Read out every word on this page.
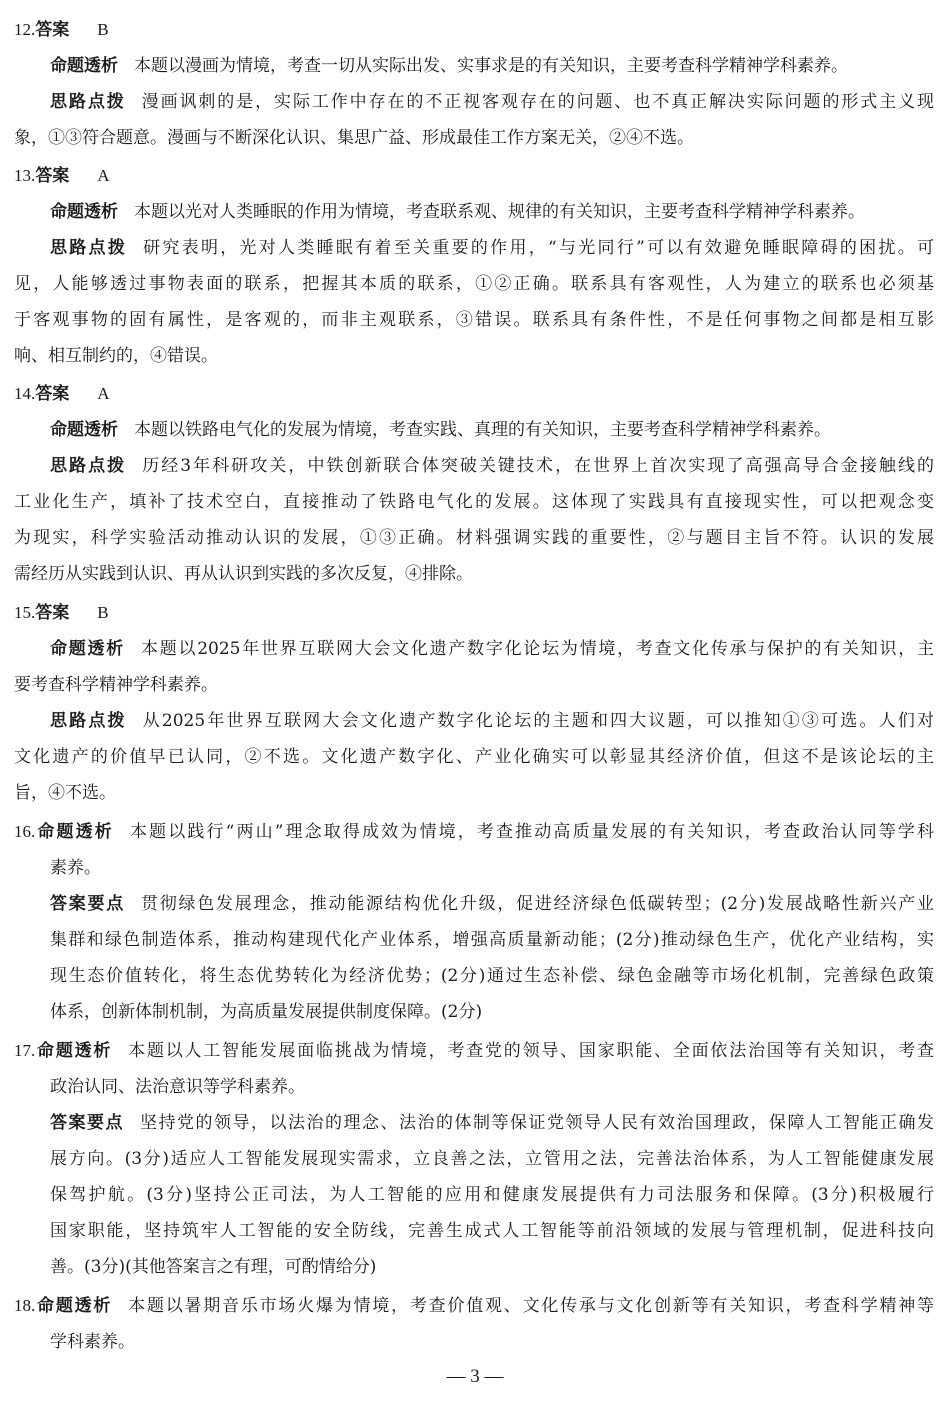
12.答案 B
命题透析 本题以漫画为情境，考查一切从实际出发、实事求是的有关知识，主要考查科学精神学科素养。
思路点拨 漫画讽刺的是，实际工作中存在的不正视客观存在的问题、也不真正解决实际问题的形式主义现
象，①③符合题意。漫画与不断深化认识、集思广益、形成最佳工作方案无关，②④不选。
13.答案 A
命题透析 本题以光对人类睡眠的作用为情境，考查联系观、规律的有关知识，主要考查科学精神学科素养。
思路点拨 研究表明，光对人类睡眠有着至关重要的作用，“与光同行”可以有效避免睡眠障碍的困扰。可
见，人能够透过事物表面的联系，把握其本质的联系，①②正确。联系具有客观性，人为建立的联系也必须基
于客观事物的固有属性，是客观的，而非主观联系，③错误。联系具有条件性，不是任何事物之间都是相互影
响、相互制约的，④错误。
14.答案 A
命题透析 本题以铁路电气化的发展为情境，考查实践、真理的有关知识，主要考查科学精神学科素养。
思路点拨 历经3年科研攻关，中铁创新联合体突破关键技术，在世界上首次实现了高强高导合金接触线的
工业化生产，填补了技术空白，直接推动了铁路电气化的发展。这体现了实践具有直接现实性，可以把观念变
为现实，科学实验活动推动认识的发展，①③正确。材料强调实践的重要性，②与题目主旨不符。认识的发展
需经历从实践到认识、再从认识到实践的多次反复，④排除。
15.答案 B
命题透析 本题以2025年世界互联网大会文化遗产数字化论坛为情境，考查文化传承与保护的有关知识，主
要考查科学精神学科素养。
思路点拨 从2025年世界互联网大会文化遗产数字化论坛的主题和四大议题，可以推知①③可选。人们对
文化遗产的价值早已认同，②不选。文化遗产数字化、产业化确实可以彰显其经济价值，但这不是该论坛的主
旨，④不选。
16.命题透析 本题以践行“两山”理念取得成效为情境，考查推动高质量发展的有关知识，考查政治认同等学科
素养。
答案要点 贯彻绿色发展理念，推动能源结构优化升级，促进经济绿色低碳转型；(2分)发展战略性新兴产业
集群和绿色制造体系，推动构建现代化产业体系，增强高质量新动能；(2分)推动绿色生产，优化产业结构，实
现生态价值转化，将生态优势转化为经济优势；(2分)通过生态补偿、绿色金融等市场化机制，完善绿色政策
体系，创新体制机制，为高质量发展提供制度保障。(2分)
17.命题透析 本题以人工智能发展面临挑战为情境，考查党的领导、国家职能、全面依法治国等有关知识，考查
政治认同、法治意识等学科素养。
答案要点 坚持党的领导，以法治的理念、法治的体制等保证党领导人民有效治国理政，保障人工智能正确发
展方向。(3分)适应人工智能发展现实需求，立良善之法，立管用之法，完善法治体系，为人工智能健康发展
保驾护航。(3分)坚持公正司法，为人工智能的应用和健康发展提供有力司法服务和保障。(3分)积极履行
国家职能，坚持筑牢人工智能的安全防线，完善生成式人工智能等前沿领域的发展与管理机制，促进科技向
善。(3分)(其他答案言之有理，可酌情给分)
18.命题透析 本题以暑期音乐市场火爆为情境，考查价值观、文化传承与文化创新等有关知识，考查科学精神等
学科素养。
— 3 —
